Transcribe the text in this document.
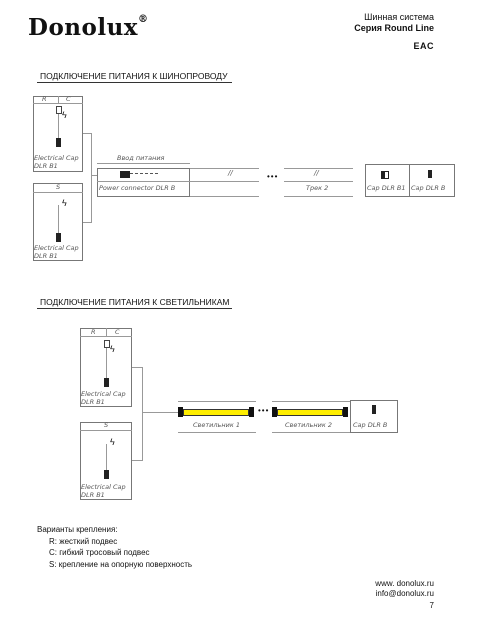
Donolux®	Шинная система
Серия Round Line
EAC
ПОДКЛЮЧЕНИЕ ПИТАНИЯ К ШИНОПРОВОДУ
R	C
ϟ
Electrical Cap
DLR B1
S
ϟ
Electrical Cap
DLR B1
Ввод питания
Power connector DLR B
//	•••	//
Трек 2	Cap DLR B1 Cap DLR B
ПОДКЛЮЧЕНИЕ ПИТАНИЯ К СВЕТИЛЬНИКАМ
R	C
ϟ
Electrical Cap
DLR B1
S
ϟ
Electrical Cap
DLR B1
Светильник 1
•••
Светильник 2	Cap DLR B
Варианты крепления:
R: жесткий подвес
C: гибкий тросовый подвес
S: крепление на опорную поверхность
www. donolux.ru
info@donolux.ru
7
